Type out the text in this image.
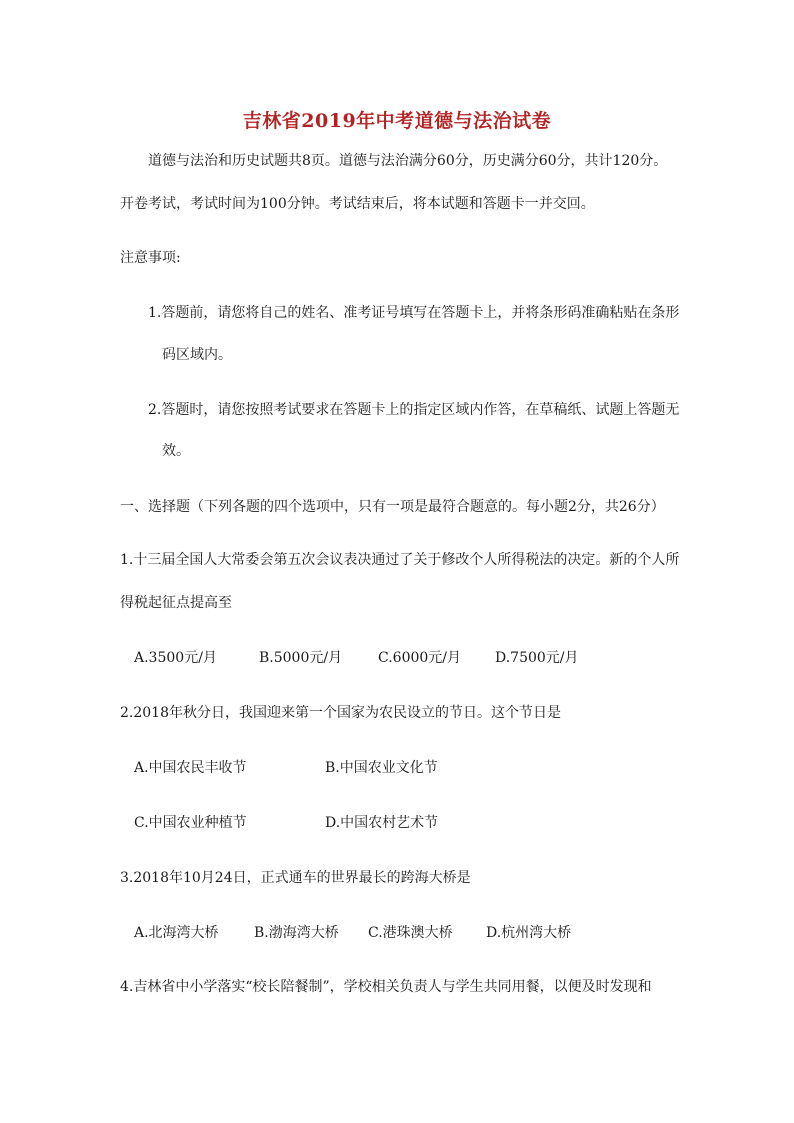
吉林省2019年中考道德与法治试卷
道德与法治和历史试题共8页。道德与法治满分60分，历史满分60分，共计120分。
开卷考试，考试时间为100分钟。考试结束后，将本试题和答题卡一并交回。
注意事项:
1.答题前，请您将自己的姓名、准考证号填写在答题卡上，并将条形码准确粘贴在条形
码区域内。
2.答题时，请您按照考试要求在答题卡上的指定区域内作答，在草稿纸、试题上答题无
效。
一、选择题（下列各题的四个选项中，只有一项是最符合题意的。每小题2分，共26分）
1.十三届全国人大常委会第五次会议表决通过了关于修改个人所得税法的决定。新的个人所
得税起征点提高至
A.3500元/月	B.5000元/月	C.6000元/月 D.7500元/月
2.2018年秋分日，我国迎来第一个国家为农民设立的节日。这个节日是
A.中国农民丰收节	B.中国农业文化节
C.中国农业种植节	D.中国农村艺术节
3.2018年10月24日，正式通车的世界最长的跨海大桥是
A.北海湾大桥	B.渤海湾大桥 C.港珠澳大桥 D.杭州湾大桥
4.吉林省中小学落实“校长陪餐制”，学校相关负责人与学生共同用餐，以便及时发现和
